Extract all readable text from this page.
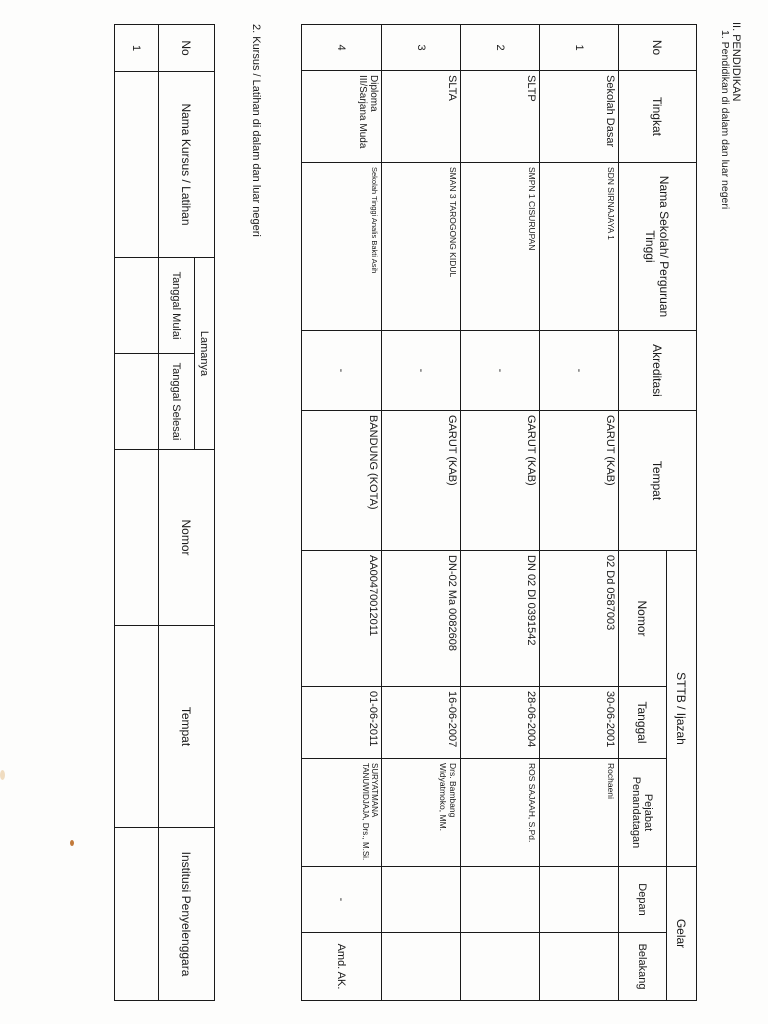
II. PENDIDIKAN
1. Pendidikan di dalam dan luar negeri
No	Tingkat	Nama Sekolah/ Perguruan Tinggi	Akreditasi	Tempat	STTB / Ijazah			Gelar	
					Nomor	Tanggal	Pejabat Penandatagan	Depan	Belakang
1	Sekolah Dasar	SDN SIRNAJAYA 1	-	GARUT (KAB)	02 Dd 0587003	30-06-2001	Rochaeni		
2	SLTP	SMPN 1 CISURUPAN	-	GARUT (KAB)	DN 02 Dl 0391542	28-06-2004	ROS SAJAAH, S.Pd.		
3	SLTA	SMAN 3 TAROGONG KIDUL	-	GARUT (KAB)	DN-02 Ma 0082608	16-06-2007	Drs. Bambang Widyatmoko, MM.		
4	Diploma III/Sarjana Muda	Sekolah Tinggi Analis Bakti Asih	-	BANDUNG (KOTA)	AA00470012011	01-06-2011	SURYATMANA TANUWIDJAJA, Drs., M.Si.	-	Amd. AK.
2. Kursus / Latihan di dalam dan luar negeri
No	Nama Kursus / Latihan	Lamanya		Nomor	Tempat	Institusi Penyelenggara
		Tanggal Mulai	Tanggal Selesai			
1						
